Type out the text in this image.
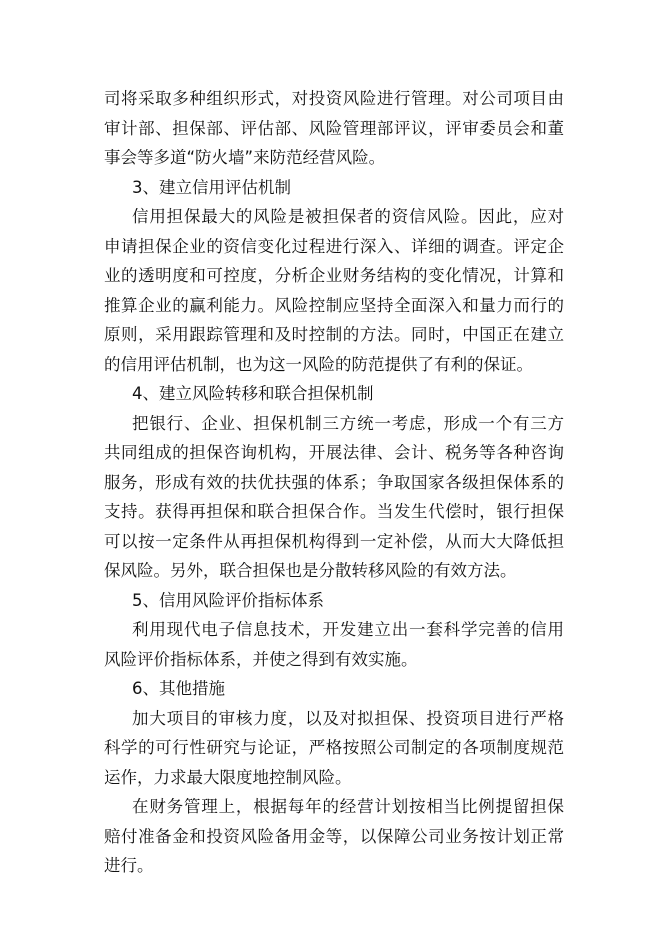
司将采取多种组织形式，对投资风险进行管理。对公司项目由
审计部、担保部、评估部、风险管理部评议，评审委员会和董
事会等多道“防火墙”来防范经营风险。
3、建立信用评估机制
信用担保最大的风险是被担保者的资信风险。因此，应对
申请担保企业的资信变化过程进行深入、详细的调查。评定企
业的透明度和可控度，分析企业财务结构的变化情况，计算和
推算企业的赢利能力。风险控制应坚持全面深入和量力而行的
原则，采用跟踪管理和及时控制的方法。同时，中国正在建立
的信用评估机制，也为这一风险的防范提供了有利的保证。
4、建立风险转移和联合担保机制
把银行、企业、担保机制三方统一考虑，形成一个有三方
共同组成的担保咨询机构，开展法律、会计、税务等各种咨询
服务，形成有效的扶优扶强的体系；争取国家各级担保体系的
支持。获得再担保和联合担保合作。当发生代偿时，银行担保
可以按一定条件从再担保机构得到一定补偿，从而大大降低担
保风险。另外，联合担保也是分散转移风险的有效方法。
5、信用风险评价指标体系
利用现代电子信息技术，开发建立出一套科学完善的信用
风险评价指标体系，并使之得到有效实施。
6、其他措施
加大项目的审核力度，以及对拟担保、投资项目进行严格
科学的可行性研究与论证，严格按照公司制定的各项制度规范
运作，力求最大限度地控制风险。
在财务管理上，根据每年的经营计划按相当比例提留担保
赔付准备金和投资风险备用金等，以保障公司业务按计划正常
进行。
